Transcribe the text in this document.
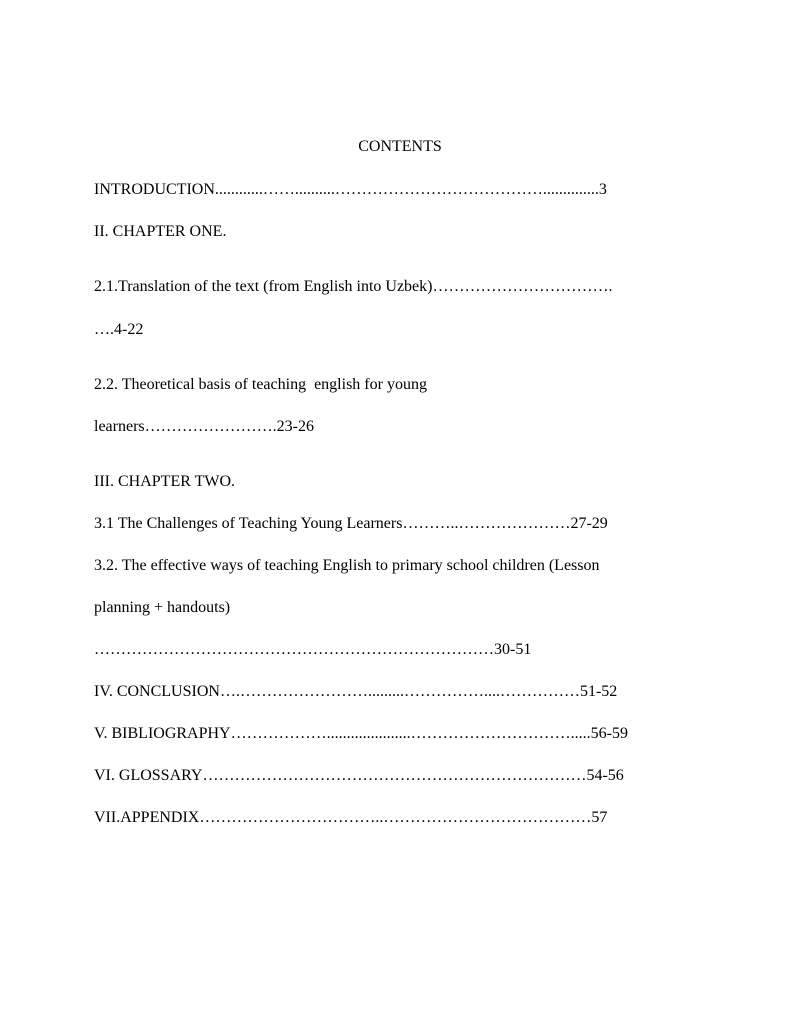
CONTENTS
INTRODUCTION............……..........…………………………………..............3
II. CHAPTER ONE.
2.1.Translation of the text (from English into Uzbek)…………………………….
….4-22
2.2. Theoretical basis of teaching  english for young
learners…………………….23-26
III. CHAPTER TWO.
3.1 The Challenges of Teaching Young Learners………..…………………27-29
3.2. The effective ways of teaching English to primary school children (Lesson
planning + handouts)
…………………………………………………………………30-51
IV. CONCLUSION….…………………….........……………....……………51-52
V. BIBLIOGRAPHY……………….....................………………………….....56-59
VI. GLOSSARY………………………………………………………………54-56
VII.APPENDIX……………………………..…………………………………57
